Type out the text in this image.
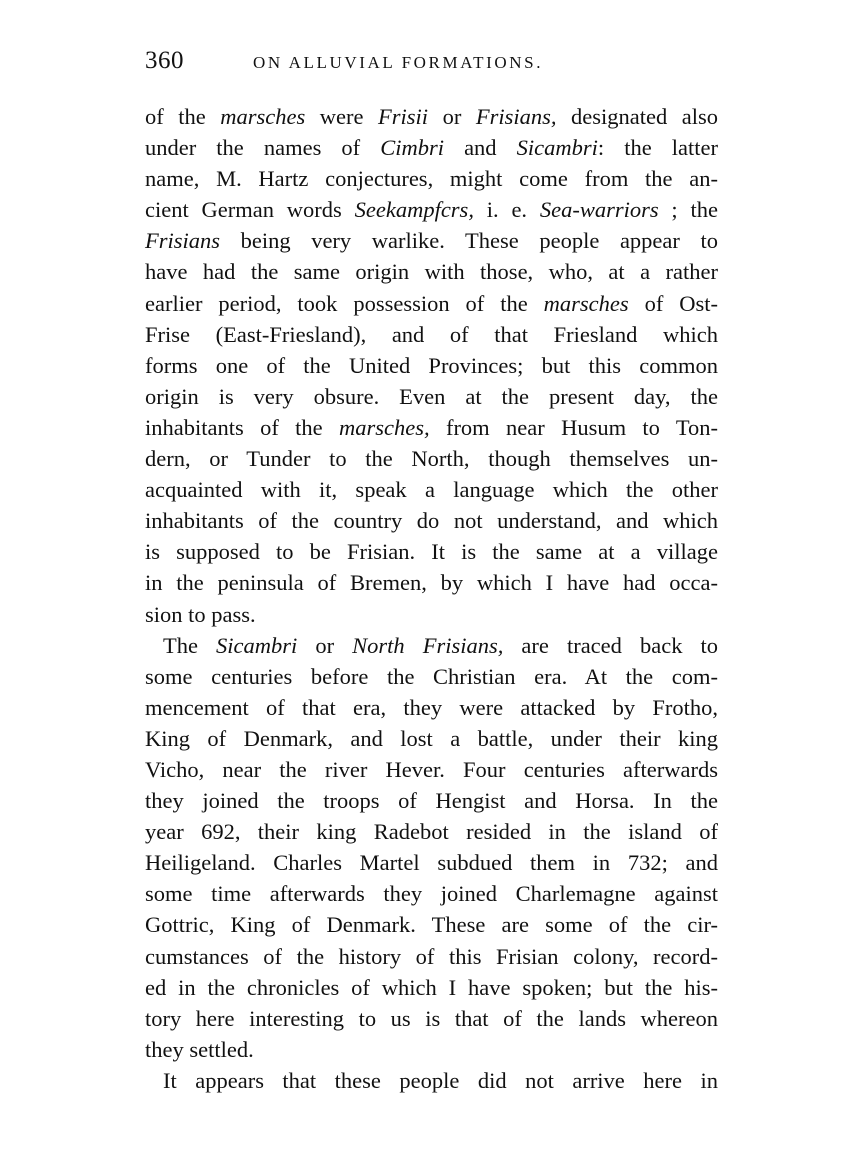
360	ON ALLUVIAL FORMATIONS.
of the marsches were Frisii or Frisians, designated also
under the names of Cimbri and Sicambri: the latter
name, M. Hartz conjectures, might come from the an-
cient German words Seekampfcrs, i. e. Sea-warriors ; the
Frisians being very warlike. These people appear to
have had the same origin with those, who, at a rather
earlier period, took possession of the marsches of Ost-
Frise (East-Friesland), and of that Friesland which
forms one of the United Provinces; but this common
origin is very obsure. Even at the present day, the
inhabitants of the marsches, from near Husum to Ton-
dern, or Tunder to the North, though themselves un-
acquainted with it, speak a language which the other
inhabitants of the country do not understand, and which
is supposed to be Frisian. It is the same at a village
in the peninsula of Bremen, by which I have had occa-
sion to pass.
The Sicambri or North Frisians, are traced back to
some centuries before the Christian era. At the com-
mencement of that era, they were attacked by Frotho,
King of Denmark, and lost a battle, under their king
Vicho, near the river Hever. Four centuries afterwards
they joined the troops of Hengist and Horsa. In the
year 692, their king Radebot resided in the island of
Heiligeland. Charles Martel subdued them in 732; and
some time afterwards they joined Charlemagne against
Gottric, King of Denmark. These are some of the cir-
cumstances of the history of this Frisian colony, record-
ed in the chronicles of which I have spoken; but the his-
tory here interesting to us is that of the lands whereon
they settled.
It appears that these people did not arrive here in
